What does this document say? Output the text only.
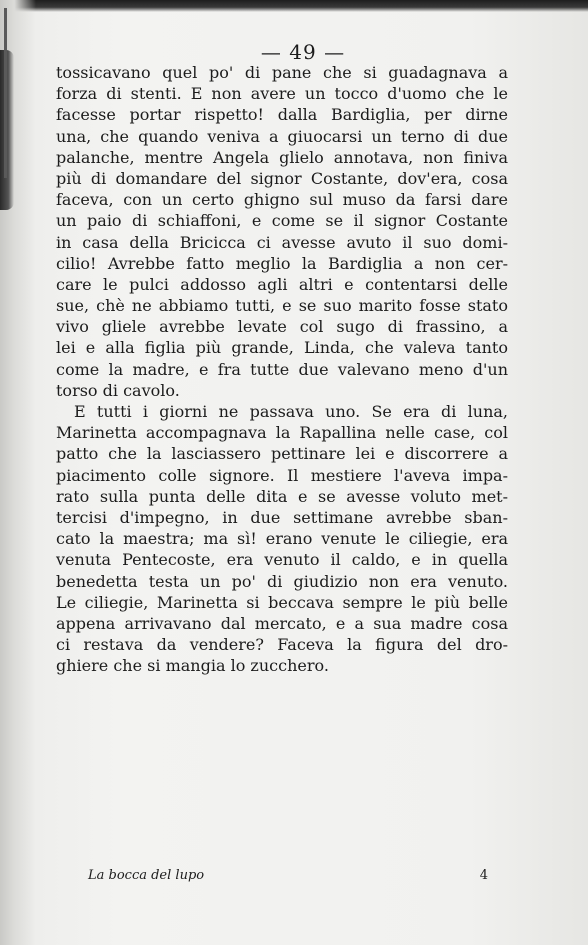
— 49 —

tossicavano quel po' di pane che si guadagnava a
forza di stenti. E non avere un tocco d'uomo che le
facesse portar rispetto! dalla Bardiglia, per dirne
una, che quando veniva a giuocarsi un terno di due
palanche, mentre Angela glielo annotava, non finiva
più di domandare del signor Costante, dov'era, cosa
faceva, con un certo ghigno sul muso da farsi dare
un paio di schiaffoni, e come se il signor Costante
in casa della Bricicca ci avesse avuto il suo domi-
cilio! Avrebbe fatto meglio la Bardiglia a non cer-
care le pulci addosso agli altri e contentarsi delle
sue, chè ne abbiamo tutti, e se suo marito fosse stato
vivo gliele avrebbe levate col sugo di frassino, a
lei e alla figlia più grande, Linda, che valeva tanto
come la madre, e fra tutte due valevano meno d'un
torso di cavolo.
E tutti i giorni ne passava uno. Se era di luna,
Marinetta accompagnava la Rapallina nelle case, col
patto che la lasciassero pettinare lei e discorrere a
piacimento colle signore. Il mestiere l'aveva impa-
rato sulla punta delle dita e se avesse voluto met-
tercisi d'impegno, in due settimane avrebbe sban-
cato la maestra; ma sì! erano venute le ciliegie, era
venuta Pentecoste, era venuto il caldo, e in quella
benedetta testa un po' di giudizio non era venuto.
Le ciliegie, Marinetta si beccava sempre le più belle
appena arrivavano dal mercato, e a sua madre cosa
ci restava da vendere? Faceva la figura del dro-
ghiere che si mangia lo zucchero.
La bocca del lupo	4
